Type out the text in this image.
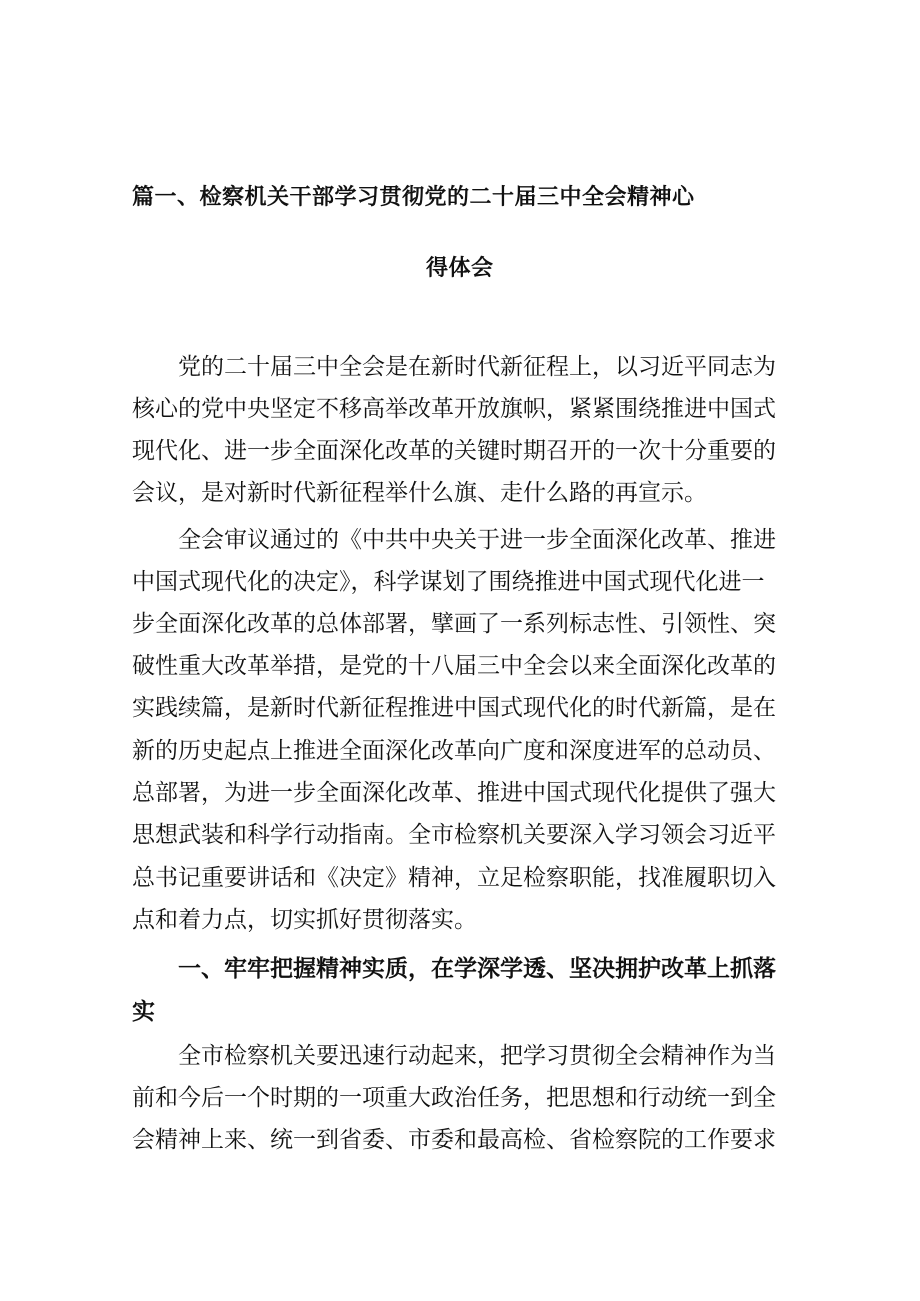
篇一、检察机关干部学习贯彻党的二十届三中全会精神心
得体会
　　党的二十届三中全会是在新时代新征程上，以习近平同志为
核心的党中央坚定不移高举改革开放旗帜，紧紧围绕推进中国式
现代化、进一步全面深化改革的关键时期召开的一次十分重要的
会议，是对新时代新征程举什么旗、走什么路的再宣示。
　　全会审议通过的《中共中央关于进一步全面深化改革、推进
中国式现代化的决定》，科学谋划了围绕推进中国式现代化进一
步全面深化改革的总体部署，擘画了一系列标志性、引领性、突
破性重大改革举措，是党的十八届三中全会以来全面深化改革的
实践续篇，是新时代新征程推进中国式现代化的时代新篇，是在
新的历史起点上推进全面深化改革向广度和深度进军的总动员、
总部署，为进一步全面深化改革、推进中国式现代化提供了强大
思想武装和科学行动指南。全市检察机关要深入学习领会习近平
总书记重要讲话和《决定》精神，立足检察职能，找准履职切入
点和着力点，切实抓好贯彻落实。
　　一、牢牢把握精神实质，在学深学透、坚决拥护改革上抓落
实
　　全市检察机关要迅速行动起来，把学习贯彻全会精神作为当
前和今后一个时期的一项重大政治任务，把思想和行动统一到全
会精神上来、统一到省委、市委和最高检、省检察院的工作要求
